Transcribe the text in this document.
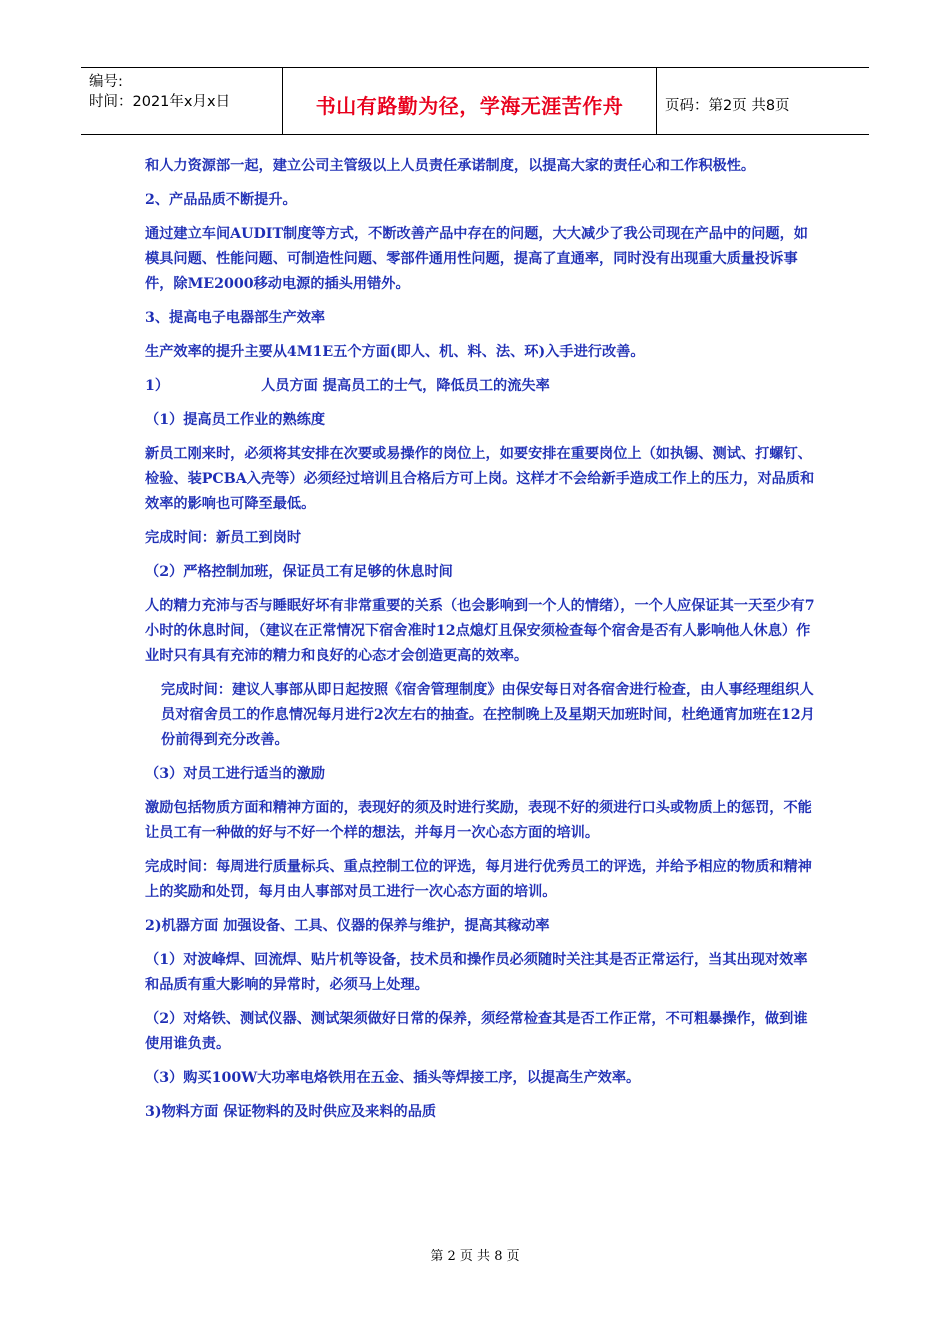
编号:
时间：2021年x月x日	书山有路勤为径，学海无涯苦作舟	页码：第2页 共8页

和人力资源部一起，建立公司主管级以上人员责任承诺制度，以提高大家的责任心和工作积极性。

2、产品品质不断提升。

通过建立车间AUDIT制度等方式，不断改善产品中存在的问题，大大减少了我公司现在产品中的问题，如模具问题、性能问题、可制造性问题、零部件通用性问题，提高了直通率，同时没有出现重大质量投诉事件，除ME2000移动电源的插头用错外。

3、提高电子电器部生产效率

生产效率的提升主要从4M1E五个方面(即人、机、料、法、环)入手进行改善。

1）	人员方面 提高员工的士气，降低员工的流失率

（1）提高员工作业的熟练度

新员工刚来时，必须将其安排在次要或易操作的岗位上，如要安排在重要岗位上（如执锡、测试、打螺钉、检验、装PCBA入壳等）必须经过培训且合格后方可上岗。这样才不会给新手造成工作上的压力，对品质和效率的影响也可降至最低。

完成时间：新员工到岗时

（2）严格控制加班，保证员工有足够的休息时间

人的精力充沛与否与睡眠好坏有非常重要的关系（也会影响到一个人的情绪），一个人应保证其一天至少有7小时的休息时间，（建议在正常情况下宿舍准时12点熄灯且保安须检查每个宿舍是否有人影响他人休息）作业时只有具有充沛的精力和良好的心态才会创造更高的效率。

完成时间：建议人事部从即日起按照《宿舍管理制度》由保安每日对各宿舍进行检查，由人事经理组织人员对宿舍员工的作息情况每月进行2次左右的抽查。在控制晚上及星期天加班时间，杜绝通宵加班在12月份前得到充分改善。

（3）对员工进行适当的激励

激励包括物质方面和精神方面的，表现好的须及时进行奖励，表现不好的须进行口头或物质上的惩罚，不能让员工有一种做的好与不好一个样的想法，并每月一次心态方面的培训。

完成时间：每周进行质量标兵、重点控制工位的评选，每月进行优秀员工的评选，并给予相应的物质和精神上的奖励和处罚，每月由人事部对员工进行一次心态方面的培训。

2)机器方面 加强设备、工具、仪器的保养与维护，提高其稼动率

（1）对波峰焊、回流焊、贴片机等设备，技术员和操作员必须随时关注其是否正常运行，当其出现对效率和品质有重大影响的异常时，必须马上处理。

（2）对烙铁、测试仪器、测试架须做好日常的保养，须经常检查其是否工作正常，不可粗暴操作，做到谁使用谁负责。

（3）购买100W大功率电烙铁用在五金、插头等焊接工序，以提高生产效率。

3)物料方面 保证物料的及时供应及来料的品质

第 2 页 共 8 页
